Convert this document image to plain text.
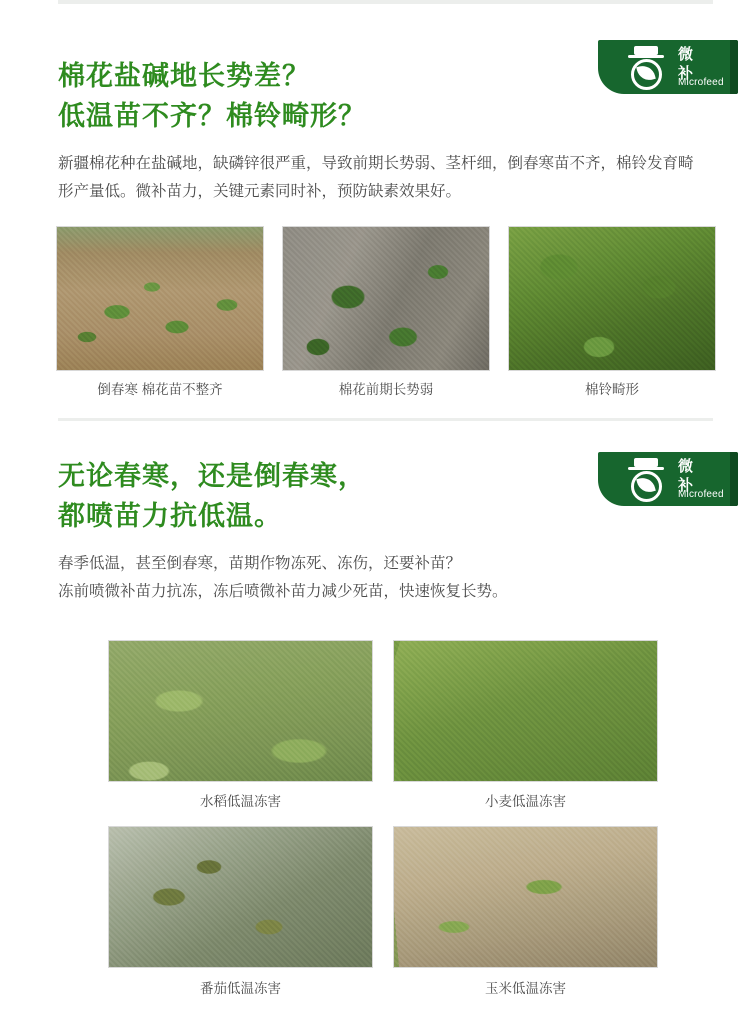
微
补
Microfeed
棉花盐碱地长势差？
低温苗不齐？棉铃畸形？
新疆棉花种在盐碱地，缺磷锌很严重，导致前期长势弱、茎杆细，倒春寒苗不齐，棉铃发育畸形产量低。微补苗力，关键元素同时补，预防缺素效果好。
倒春寒 棉花苗不整齐	棉花前期长势弱	棉铃畸形
微
补
Microfeed
无论春寒，还是倒春寒，
都喷苗力抗低温。
春季低温，甚至倒春寒，苗期作物冻死、冻伤，还要补苗？
冻前喷微补苗力抗冻，冻后喷微补苗力减少死苗，快速恢复长势。
水稻低温冻害	小麦低温冻害
番茄低温冻害	玉米低温冻害
